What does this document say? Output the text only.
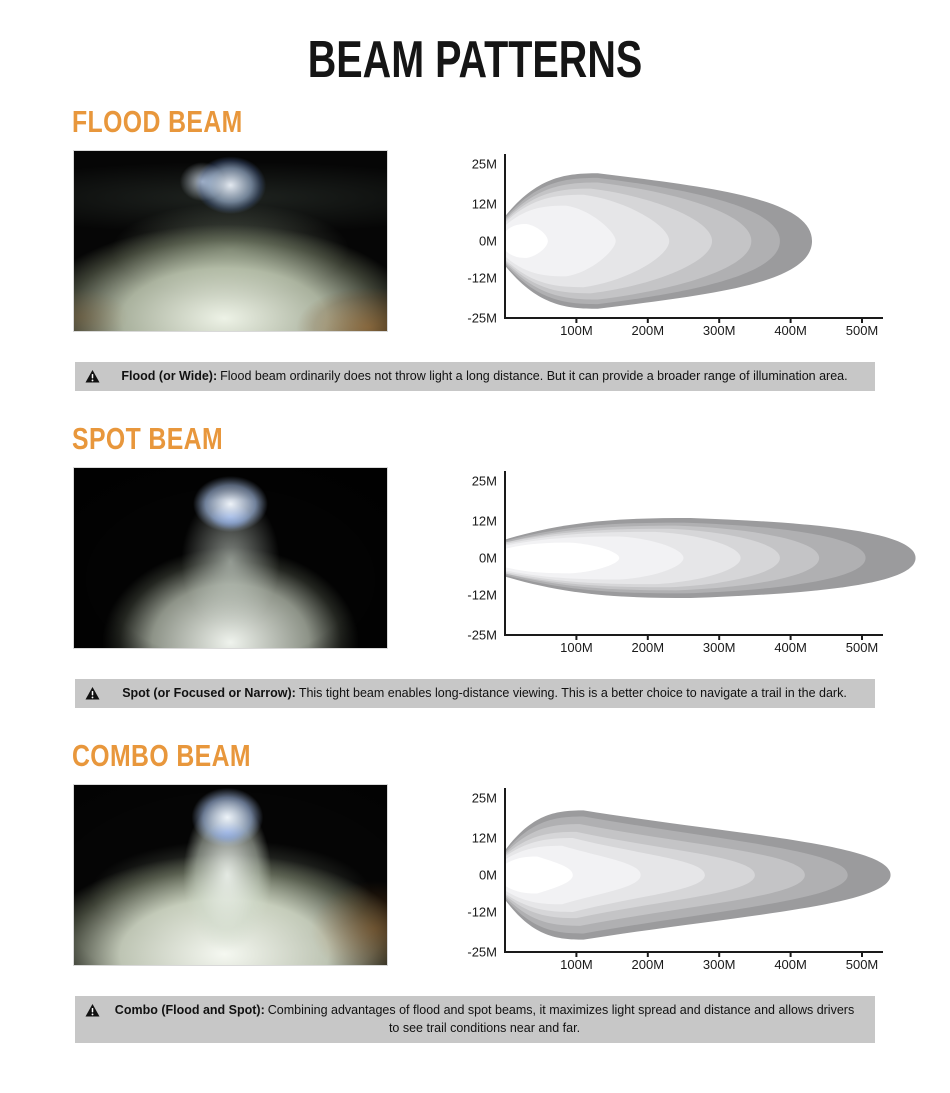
BEAM PATTERNS
FLOOD BEAM
100M	200M	300M	400M	500M
25M
12M
0M
-12M
-25M

Flood (or Wide): Flood beam ordinarily does not throw light a long distance. But it can provide a broader range of illumination area.

SPOT BEAM
100M	200M	300M	400M	500M
25M
12M
0M
-12M
-25M

Spot (or Focused or Narrow): This tight beam enables long-distance viewing. This is a better choice to navigate a trail in the dark.

COMBO BEAM
100M	200M	300M	400M	500M
25M
12M
0M
-12M
-25M

Combo (Flood and Spot): Combining advantages of flood and spot beams, it maximizes light spread and distance and allows drivers to see trail conditions near and far.
